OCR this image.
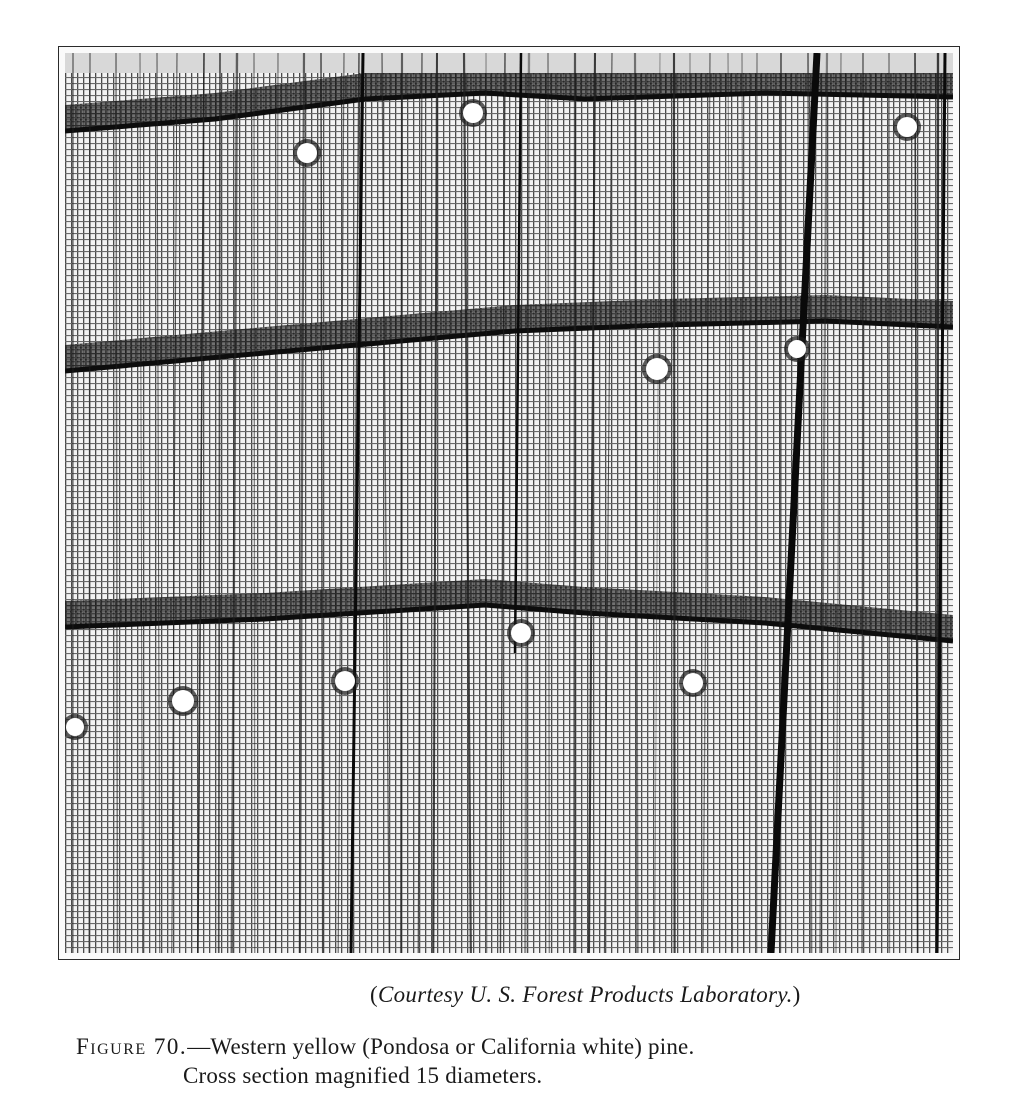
(Courtesy U. S. Forest Products Laboratory.)
Figure 70.—Western yellow (Pondosa or California white) pine.
Cross section magnified 15 diameters.
